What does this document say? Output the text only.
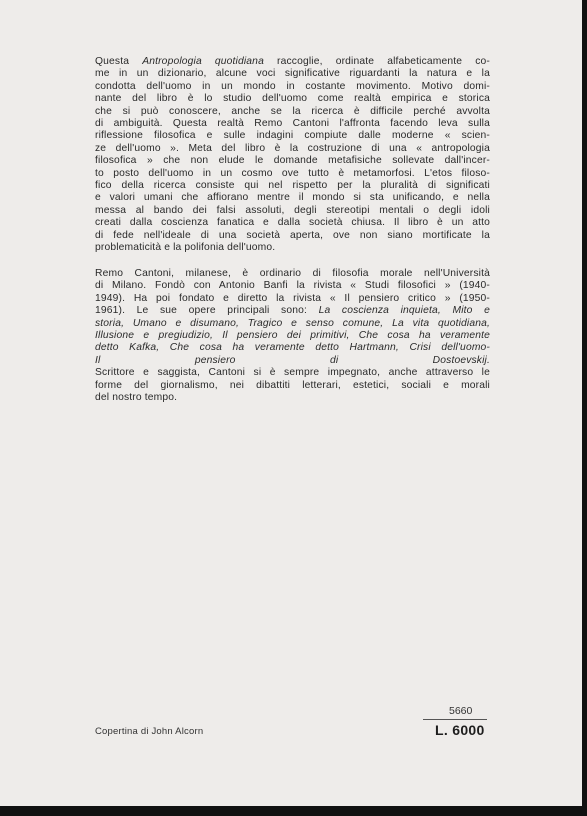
Questa Antropologia quotidiana raccoglie, ordinate alfabeticamente co-
me in un dizionario, alcune voci significative riguardanti la natura e la
condotta dell'uomo in un mondo in costante movimento. Motivo domi-
nante del libro è lo studio dell'uomo come realtà empirica e storica
che si può conoscere, anche se la ricerca è difficile perché avvolta
di ambiguità. Questa realtà Remo Cantoni l'affronta facendo leva sulla
riflessione filosofica e sulle indagini compiute dalle moderne « scien-
ze dell'uomo ». Meta del libro è la costruzione di una « antropologia
filosofica » che non elude le domande metafisiche sollevate dall'incer-
to posto dell'uomo in un cosmo ove tutto è metamorfosi. L'etos filoso-
fico della ricerca consiste qui nel rispetto per la pluralità di significati
e valori umani che affiorano mentre il mondo si sta unificando, e nella
messa al bando dei falsi assoluti, degli stereotipi mentali o degli idoli
creati dalla coscienza fanatica e dalla società chiusa. Il libro è un atto
di fede nell'ideale di una società aperta, ove non siano mortificate la
problematicità e la polifonia dell'uomo.
Remo Cantoni, milanese, è ordinario di filosofia morale nell'Università
di Milano. Fondò con Antonio Banfi la rivista « Studi filosofici » (1940-
1949). Ha poi fondato e diretto la rivista « Il pensiero critico » (1950-
1961). Le sue opere principali sono: La coscienza inquieta, Mito e
storia, Umano e disumano, Tragico e senso comune, La vita quotidiana,
Illusione e pregiudizio, Il pensiero dei primitivi, Che cosa ha veramente
detto Kafka, Che cosa ha veramente detto Hartmann, Crisi dell'uomo-
Il pensiero di Dostoevskij.
Scrittore e saggista, Cantoni si è sempre impegnato, anche attraverso le
forme del giornalismo, nei dibattiti letterari, estetici, sociali e morali
del nostro tempo.
Copertina di John Alcorn
5660
L. 6000
